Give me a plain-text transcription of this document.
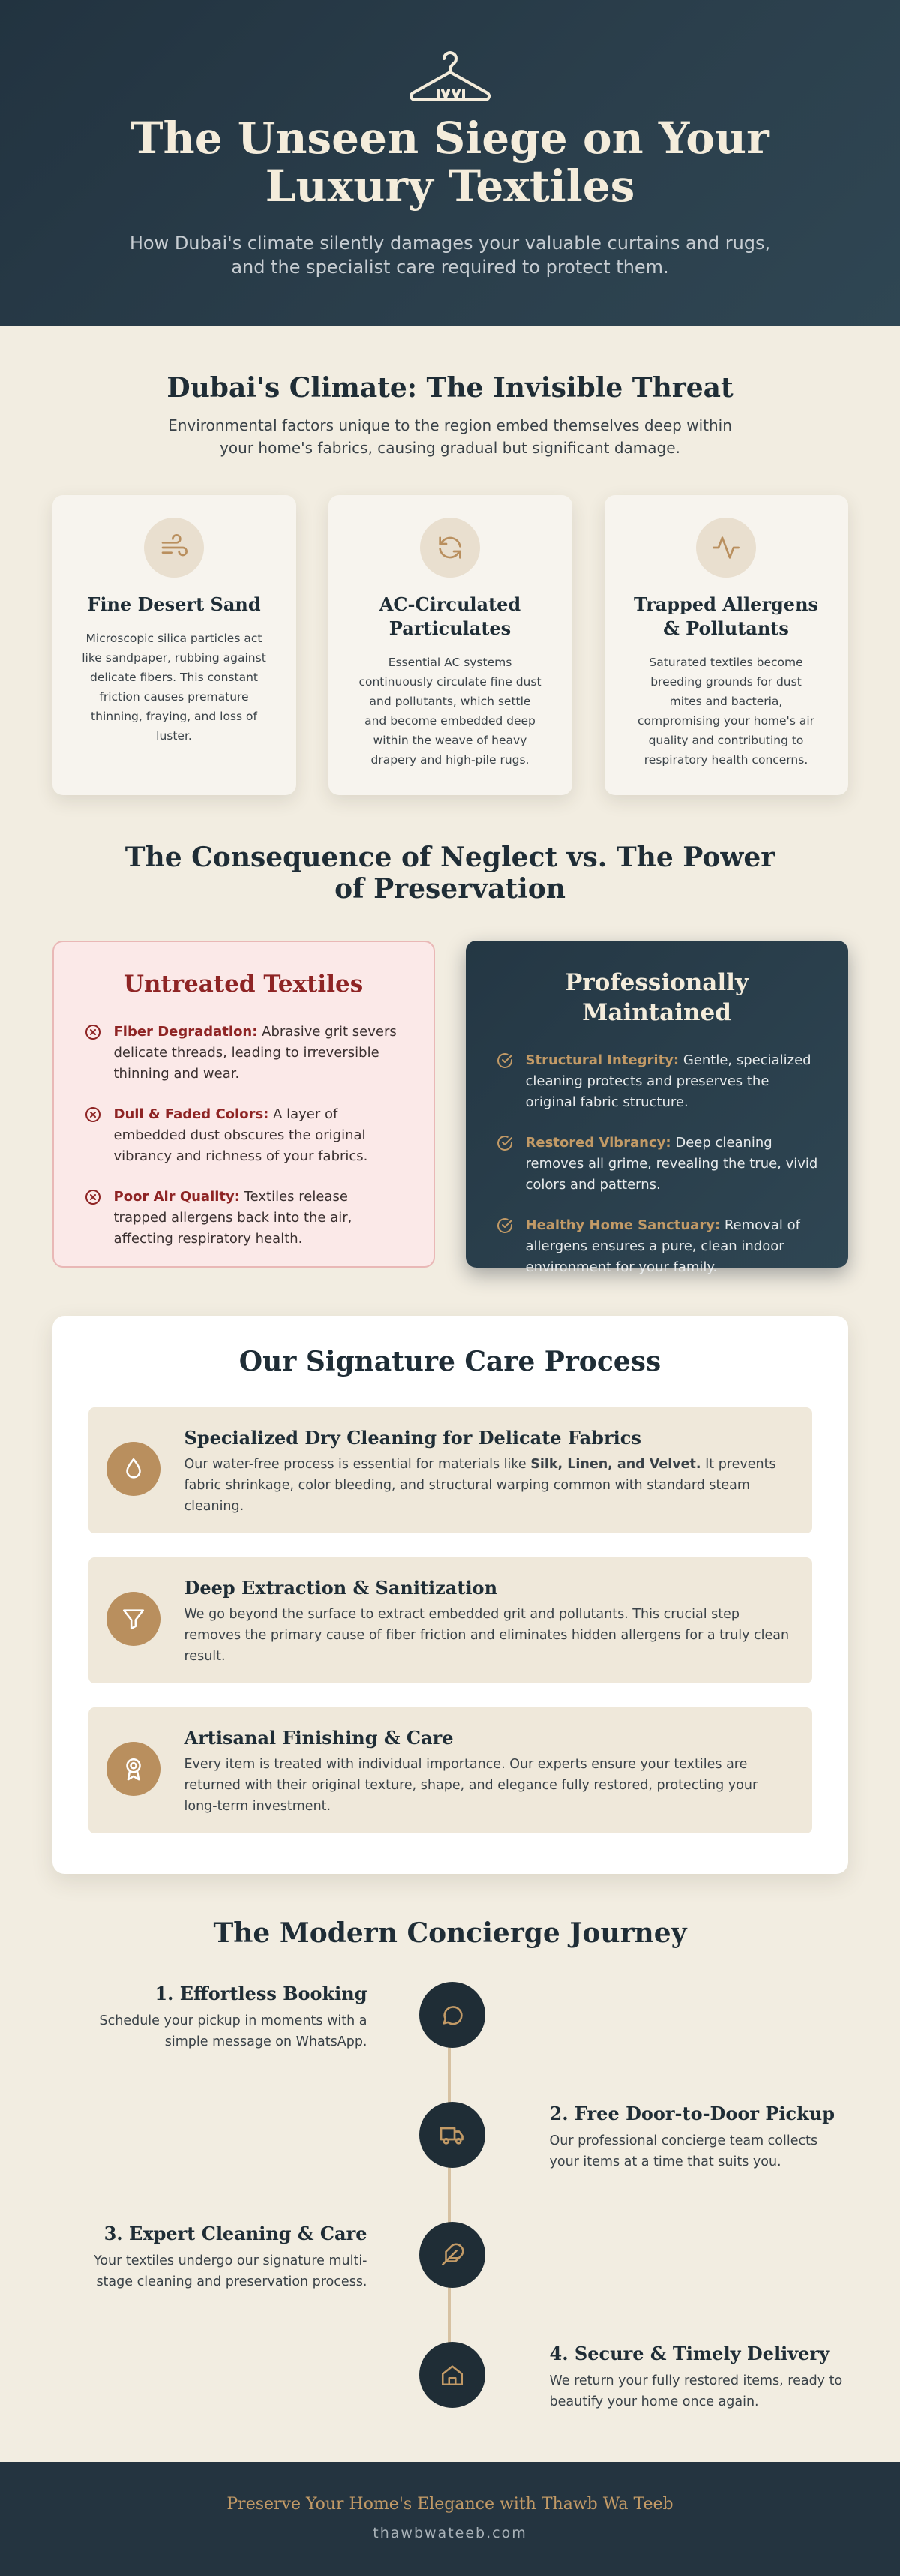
The Unseen Siege on Your Luxury Textiles

How Dubai's climate silently damages your valuable curtains and rugs, and the specialist care required to protect them.

Dubai's Climate: The Invisible Threat

Environmental factors unique to the region embed themselves deep within your home's fabrics, causing gradual but significant damage.

Fine Desert Sand

Microscopic silica particles act like sandpaper, rubbing against delicate fibers. This constant friction causes premature thinning, fraying, and loss of luster.

AC-Circulated Particulates

Essential AC systems continuously circulate fine dust and pollutants, which settle and become embedded deep within the weave of heavy drapery and high-pile rugs.

Trapped Allergens & Pollutants

Saturated textiles become breeding grounds for dust mites and bacteria, compromising your home's air quality and contributing to respiratory health concerns.

The Consequence of Neglect vs. The Power of Preservation
Untreated Textiles
Fiber Degradation: Abrasive grit severs delicate threads, leading to irreversible thinning and wear.
Dull & Faded Colors: A layer of embedded dust obscures the original vibrancy and richness of your fabrics.
Poor Air Quality: Textiles release trapped allergens back into the air, affecting respiratory health.
Professionally Maintained
Structural Integrity: Gentle, specialized cleaning protects and preserves the original fabric structure.
Restored Vibrancy: Deep cleaning removes all grime, revealing the true, vivid colors and patterns.
Healthy Home Sanctuary: Removal of allergens ensures a pure, clean indoor environment for your family.
Our Signature Care Process
Specialized Dry Cleaning for Delicate Fabrics

Our water-free process is essential for materials like Silk, Linen, and Velvet. It prevents fabric shrinkage, color bleeding, and structural warping common with standard steam cleaning.

Deep Extraction & Sanitization

We go beyond the surface to extract embedded grit and pollutants. This crucial step removes the primary cause of fiber friction and eliminates hidden allergens for a truly clean result.

Artisanal Finishing & Care

Every item is treated with individual importance. Our experts ensure your textiles are returned with their original texture, shape, and elegance fully restored, protecting your long-term investment.

The Modern Concierge Journey
1. Effortless Booking

Schedule your pickup in moments with a simple message on WhatsApp.

2. Free Door-to-Door Pickup

Our professional concierge team collects your items at a time that suits you.

3. Expert Cleaning & Care

Your textiles undergo our signature multi-stage cleaning and preservation process.

4. Secure & Timely Delivery

We return your fully restored items, ready to beautify your home once again.

Preserve Your Home's Elegance with Thawb Wa Teeb
thawbwateeb.com
